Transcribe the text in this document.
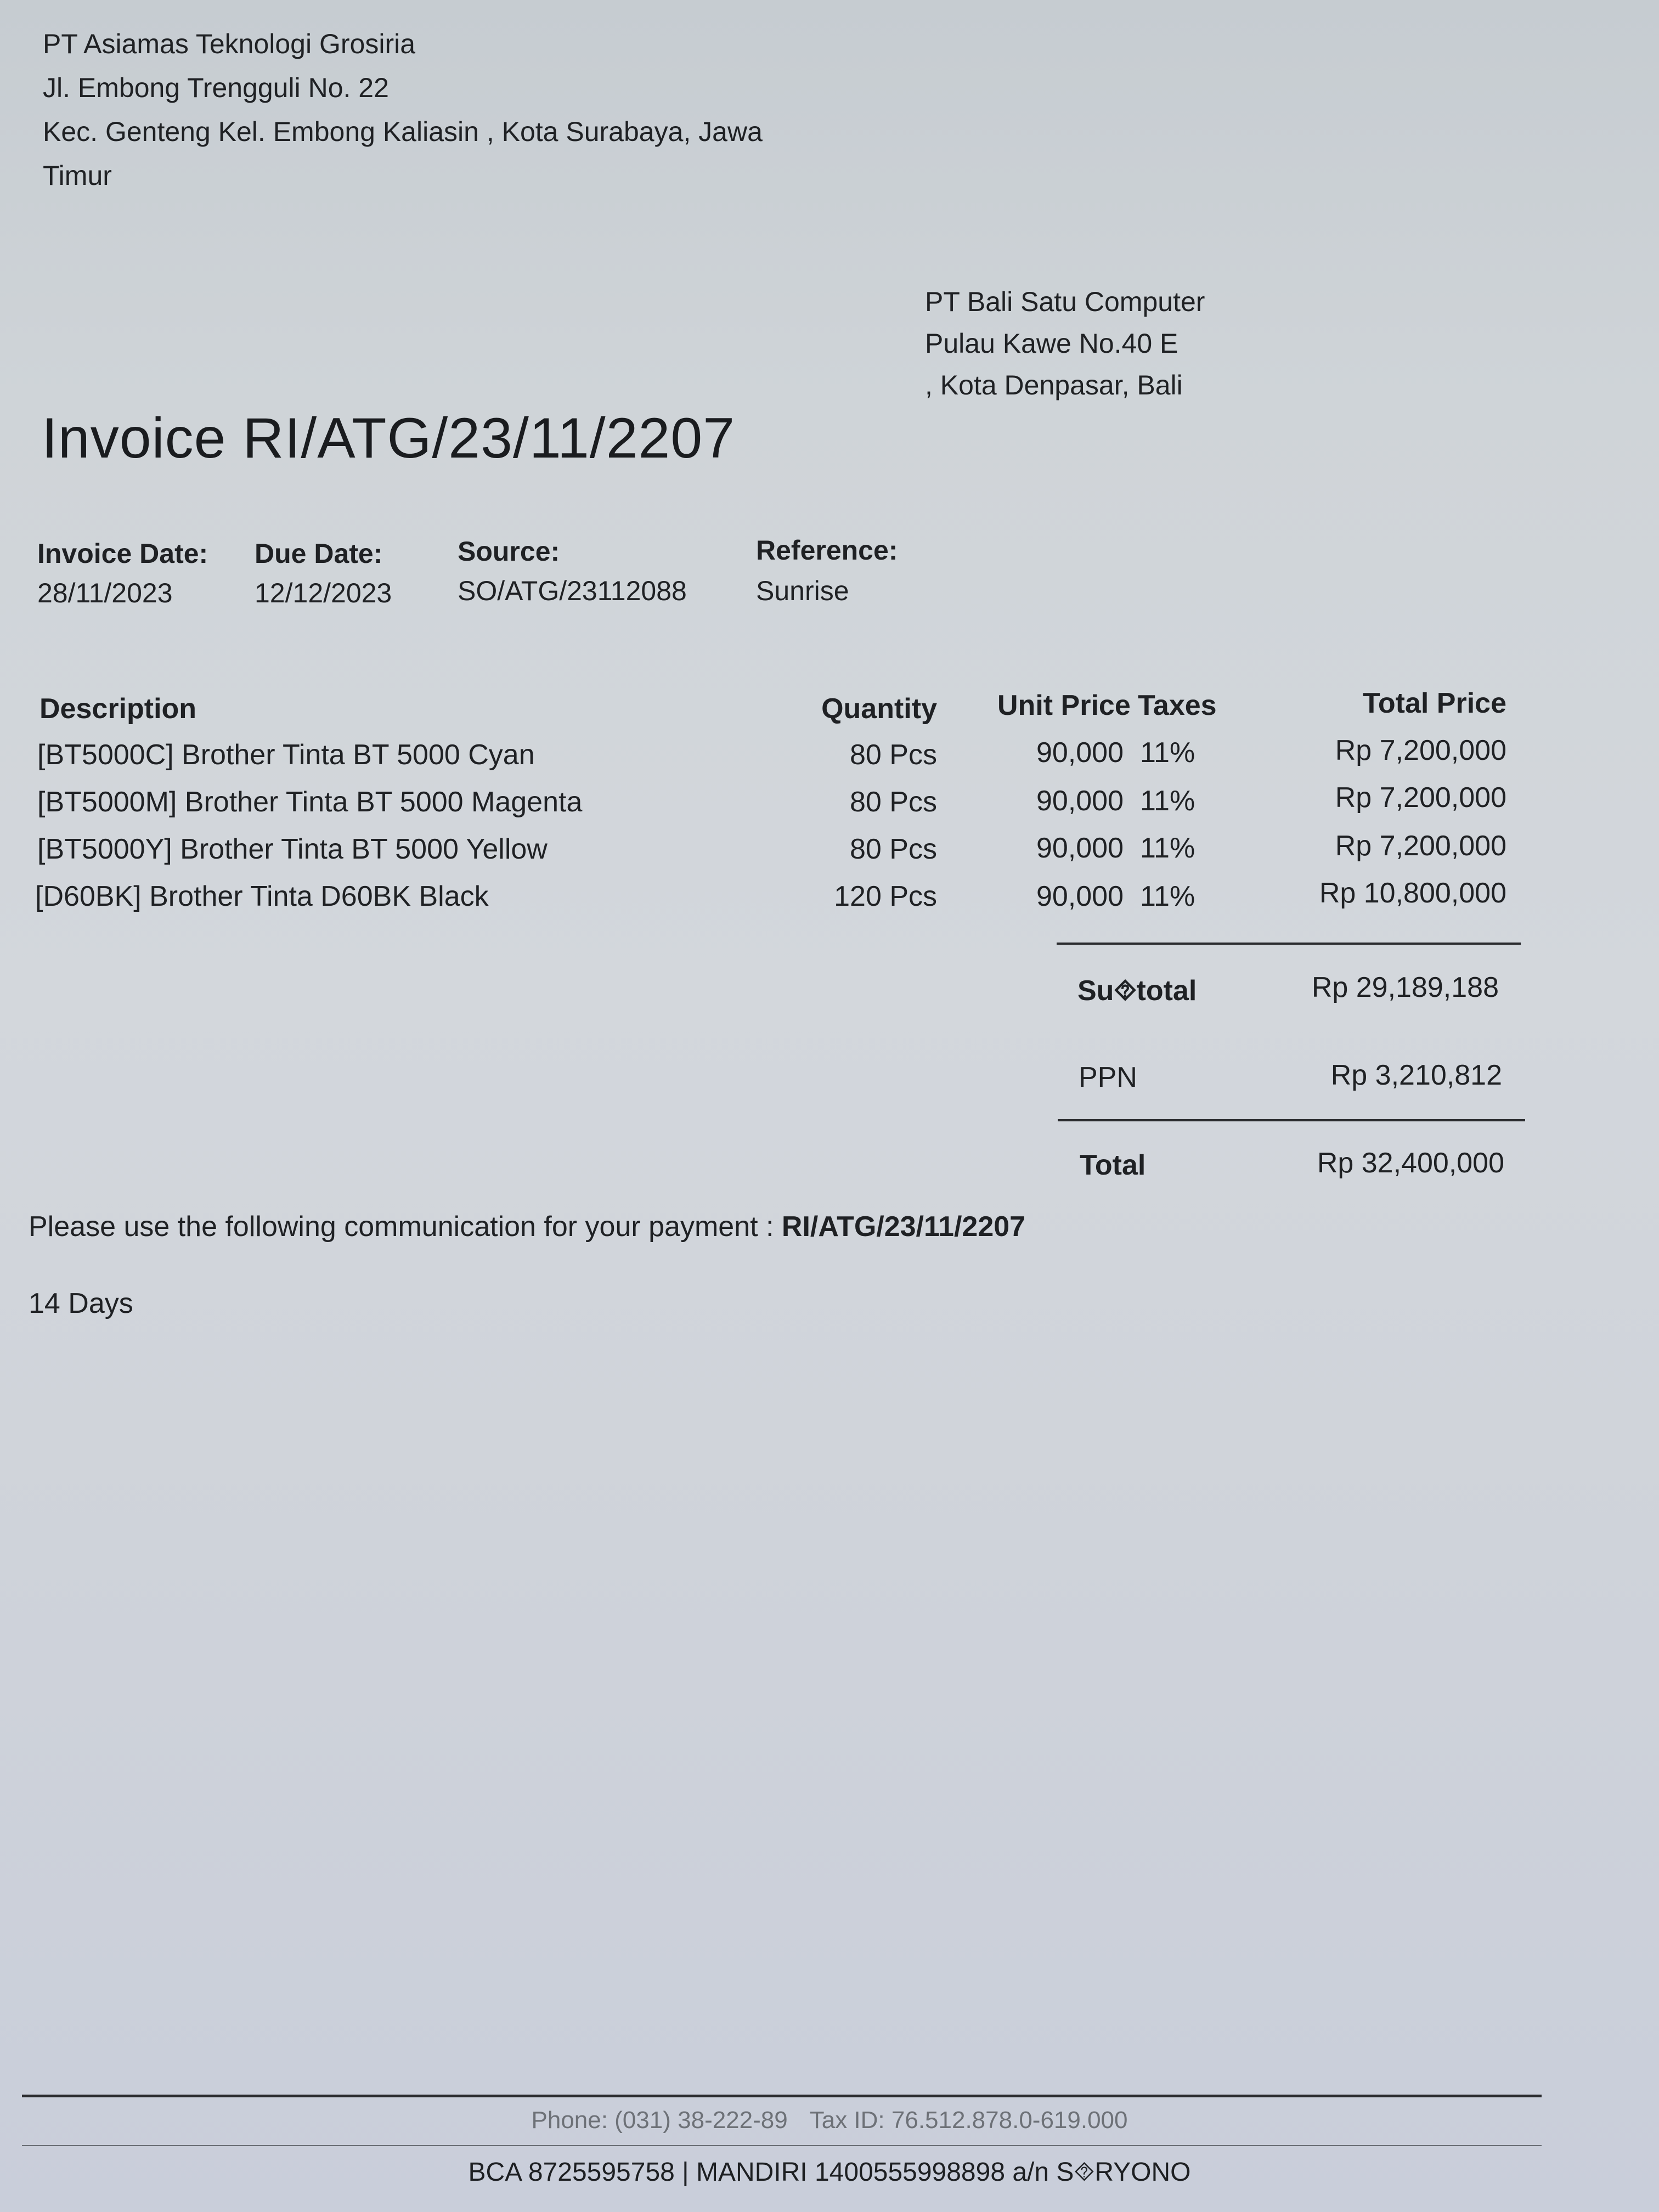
PT Asiamas Teknologi Grosiria
Jl. Embong Trengguli No. 22
Kec. Genteng Kel. Embong Kaliasin , Kota Surabaya, Jawa
Timur
PT Bali Satu Computer
Pulau Kawe No.40 E
, Kota Denpasar, Bali
Invoice RI/ATG/23/11/2207
Invoice Date:
28/11/2023
Due Date:
12/12/2023
Source:
SO/ATG/23112088
Reference:
Sunrise
Description	Quantity Unit Price Taxes	Total Price
[BT5000C] Brother Tinta BT 5000 Cyan	80 Pcs	90,000 11%	Rp 7,200,000
[BT5000M] Brother Tinta BT 5000 Magenta	80 Pcs	90,000 11%	Rp 7,200,000
[BT5000Y] Brother Tinta BT 5000 Yellow	80 Pcs	90,000 11%	Rp 7,200,000
[D60BK] Brother Tinta D60BK Black	120 Pcs	90,000 11%	Rp 10,800,000
Su⯑total	Rp 29,189,188
PPN	Rp 3,210,812
Total	Rp 32,400,000
Please use the following communication for your payment : RI/ATG/23/11/2207
14 Days
Phone: (031) 38-222-89 Tax ID: 76.512.878.0-619.000
BCA 8725595758 | MANDIRI 1400555998898 a/n S⯑RYONO
